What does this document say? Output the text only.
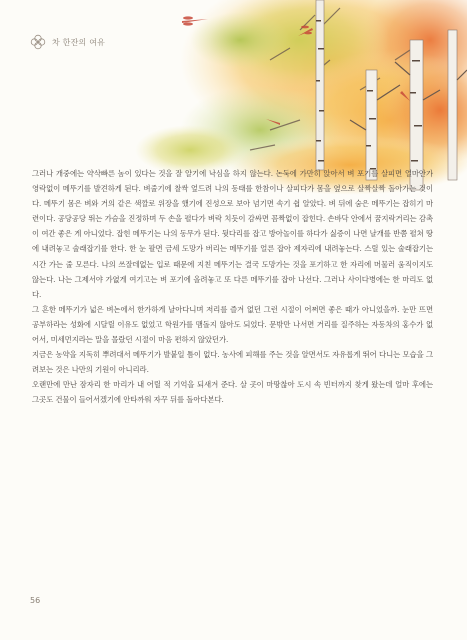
차 한잔의 여유

그러나 개중에는 약삭빠른 놈이 있다는 것을 잘 알기에 낙심을 하지 않는다. 논둑에 가만히 앉아서 벼 포기를 살피면 얼마안가 영락없이 메뚜기를 발견하게 된다. 벼줄기에 찰싹 엎드려 나의 동태를 한참이나 살피다가 몸을 옆으로 살짝살짝 돌아가는 것이다. 메뚜기 몸은 벼와 거의 같은 색깔로 위장을 했기에 진성으로 보아 넘기면 속기 쉽 알았다. 벼 뒤에 숨은 메뚜기는 잡히기 마련이다. 공당공당 뛰는 가슴을 진정하며 두 손을 펼다가 벼락 치듯이 감싸면 꼼짝없이 잡힌다. 손바닥 안에서 꿈지락거리는 감촉이 여간 좋은 게 아니었다. 잡힌 메뚜기는 나의 동무가 된다. 뒷다리를 잡고 방아놀이를 하다가 싫증이 나면 날개를 반쯤 펼쳐 땅에 내려놓고 술래잡기를 한다. 한 눈 팔면 금세 도망가 버리는 메뚜기를 얼른 잡아 제자리에 내려놓는다. 스릴 있는 술래잡기는 시간 가는 줄 모른다. 나의 쓰잘데없는 입로 때문에 지친 메뚜기는 결국 도망가는 것을 포기하고 한 자리에 머물러 움직이지도 않는다. 나는 그제서야 가엾게 여기고는 벼 포기에 올려놓고 또 다른 메뚜기를 잡아 나선다. 그러나 사이다병에는 한 마리도 없다.

그 흔한 메뚜기가 넓은 벼논에서 한가하게 날아다니며 저리를 즐겨 없던 그런 시절이 어쩌면 좋은 때가 아니었을까. 눈만 뜨면 공부하라는 성화에 시달릴 이유도 없었고 학원가를 맴돌지 않아도 되었다. 문밖만 나서면 거리를 질주하는 자동차의 홍수가 없어서, 미세먼지라는 말을 몰랐던 시절이 마음 편하지 않았던가.

지금은 농약을 지독히 뿌려대서 메뚜기가 발붙일 틈이 없다. 농사에 피해를 주는 것을 알면서도 자유롭게 뛰어 다니는 모습을 그려보는 것은 나만의 기원이 아니리라.

오랜만에 만난 잠자리 한 마리가 내 어릴 적 기억을 되새겨 준다. 살 곳이 마땅찮아 도시 속 빈터까지 찾게 왔는데 얼마 후에는 그곳도 건물이 들어서겠기에 안타까워 자꾸 뒤를 돌아다본다.

56
